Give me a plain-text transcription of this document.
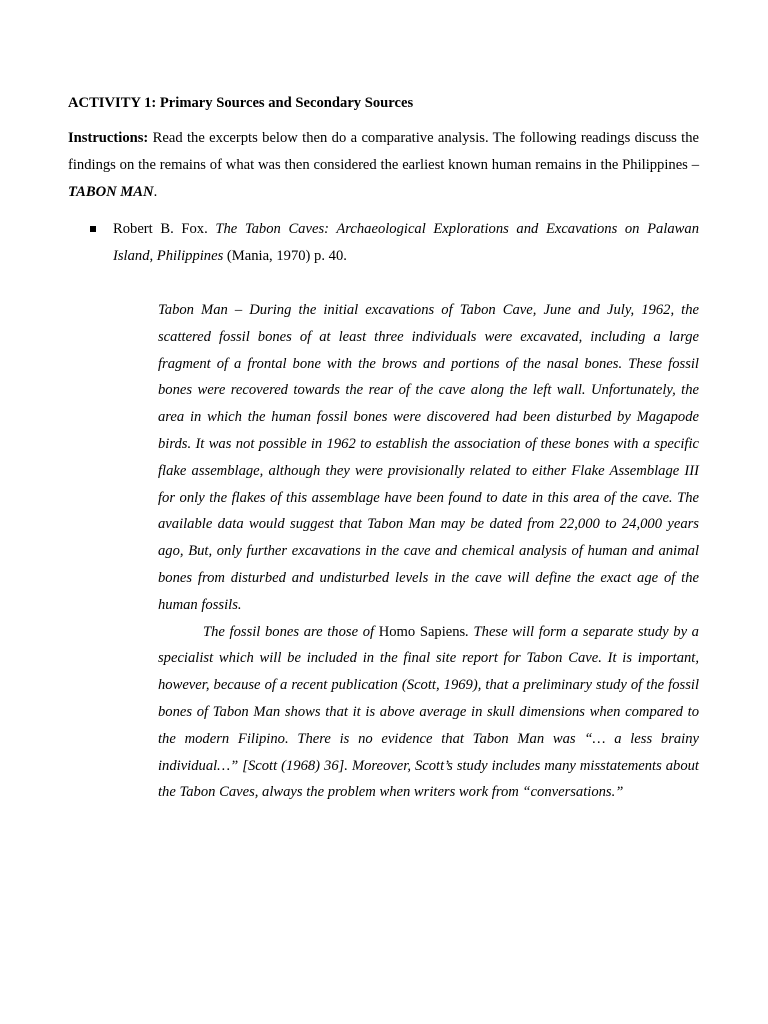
ACTIVITY 1: Primary Sources and Secondary Sources
Instructions: Read the excerpts below then do a comparative analysis. The following readings discuss the findings on the remains of what was then considered the earliest known human remains in the Philippines – TABON MAN.
Robert B. Fox. The Tabon Caves: Archaeological Explorations and Excavations on Palawan Island, Philippines (Mania, 1970) p. 40.

Tabon Man – During the initial excavations of Tabon Cave, June and July, 1962, the scattered fossil bones of at least three individuals were excavated, including a large fragment of a frontal bone with the brows and portions of the nasal bones. These fossil bones were recovered towards the rear of the cave along the left wall. Unfortunately, the area in which the human fossil bones were discovered had been disturbed by Magapode birds. It was not possible in 1962 to establish the association of these bones with a specific flake assemblage, although they were provisionally related to either Flake Assemblage III for only the flakes of this assemblage have been found to date in this area of the cave. The available data would suggest that Tabon Man may be dated from 22,000 to 24,000 years ago, But, only further excavations in the cave and chemical analysis of human and animal bones from disturbed and undisturbed levels in the cave will define the exact age of the human fossils.

The fossil bones are those of Homo Sapiens. These will form a separate study by a specialist which will be included in the final site report for Tabon Cave. It is important, however, because of a recent publication (Scott, 1969), that a preliminary study of the fossil bones of Tabon Man shows that it is above average in skull dimensions when compared to the modern Filipino. There is no evidence that Tabon Man was “… a less brainy individual…” [Scott (1968) 36]. Moreover, Scott’s study includes many misstatements about the Tabon Caves, always the problem when writers work from “conversations.”
